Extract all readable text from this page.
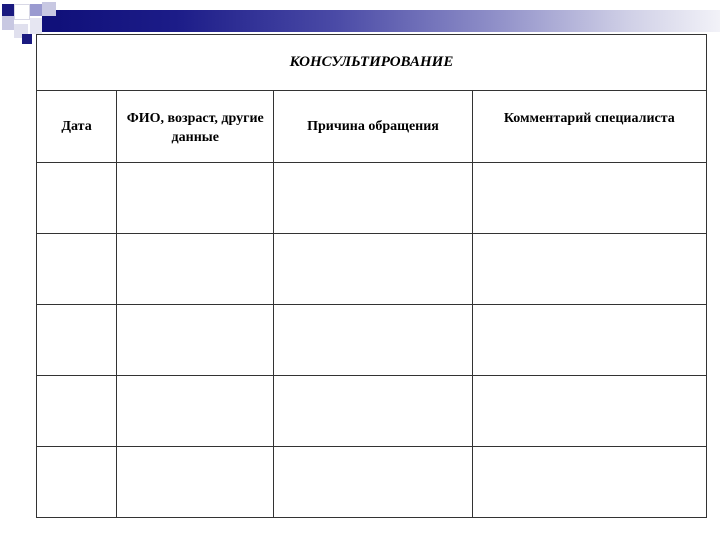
КОНСУЛЬТИРОВАНИЕ			
Дата	ФИО, возраст, другие данные	Причина обращения	Комментарий специалиста
